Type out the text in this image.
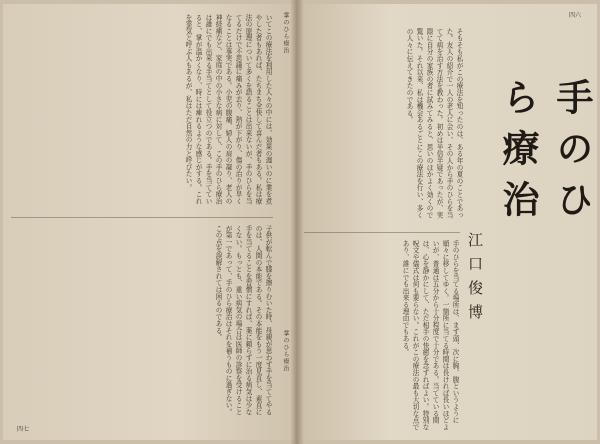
掌のひら療治
掌のひら療治
いてこの療法を利用した人々の中には、効果の遅いのに業を煮やした者もあれば、たちまち全快して喜んだ者もある。私は療法の原理について多くを語ることは出来ないが、手のひらを当てるだけで不思議に痛みが去り、熱が下がり、傷の治りが早くなることは事実である。小児の腹痛、婦人の肩の凝り、老人の神経痛など、家庭の中の小さな病に対して、この手のひら療治は誰にでも出来る手当てとして役立つのである。手を当てていると、掌が温かくなり、時には痺れるような感じがする。これを霊気と呼ぶ人もあるが、私はただ自然の力と呼びたい。
子供が転んで膝を擦りむいた時、母親が思わず手を当ててやるのは、人間の本能である。その本能をもう一度見直し、素直に手を当てることを習慣にすれば、薬に頼らずに治る病気は少なくない。もっとも、重い病気の場合は医師の診察を受けることが第一であって、手のひら療治はそれを補うものに過ぎない。この点を誤解されては困るのである。
四七
手のひら療治
江口俊博
そもそも私がこの療法を知ったのは、ある年の夏のことであった。友人の紹介で一人の老人に会い、その人から手のひらを当てて病を治す方法を教わった。初めは半信半疑であったが、実際に自分の家族の者に試みてみると、思いのほかよく効くので驚いた。それ以来、私は機会あるごとにこの療法を行い、多くの人々に伝えてきたのである。
手のひらを当てる場所は、まず頭、次に胸、腹というように順々に移してゆく。一箇所に当てる時間は長ければ長いほどよいが、普通は五分から十分程度で十分である。当てている間は、心を静かにして、ただ相手の快癒を念ずればよい。特別な呪文や儀式は何も要らない。これがこの療法の最も大切な点であり、誰にでも出来る理由でもある。
四六
